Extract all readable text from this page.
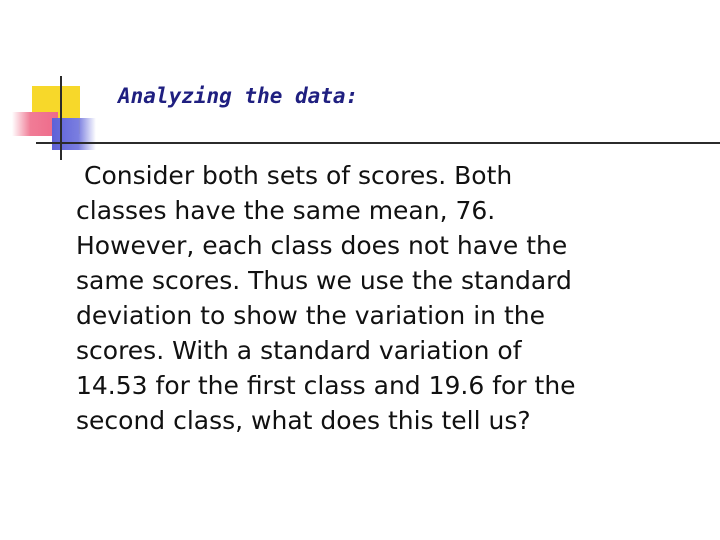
Analyzing the data:
Consider both sets of scores. Both
classes have the same mean, 76.
However, each class does not have the
same scores. Thus we use the standard
deviation to show the variation in the
scores. With a standard variation of
14.53 for the first class and 19.6 for the
second class, what does this tell us?
